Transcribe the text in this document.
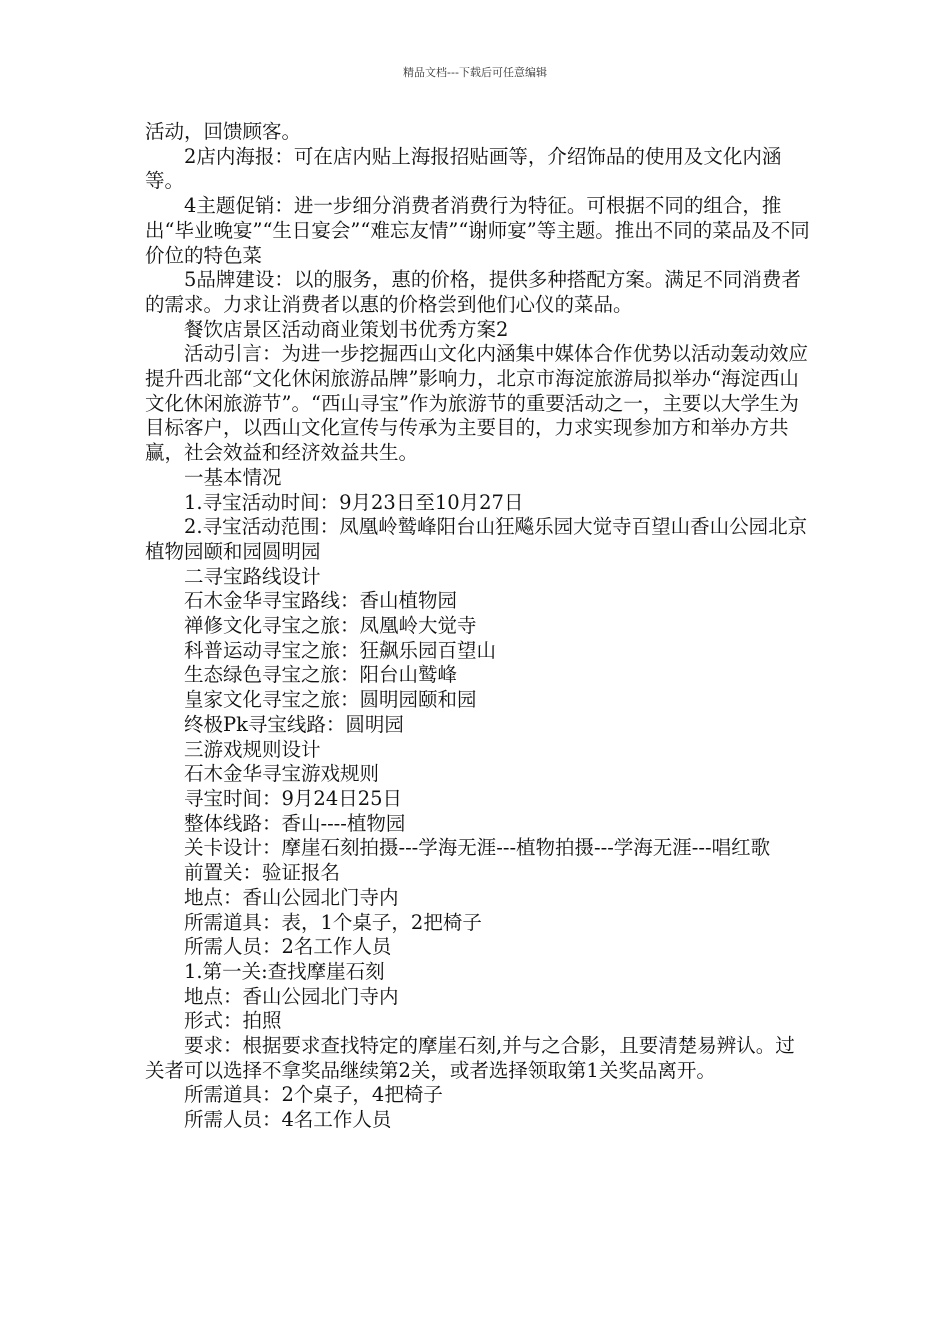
精品文档---下载后可任意编辑

活动，回馈顾客。

2店内海报：可在店内贴上海报招贴画等，介绍饰品的使用及文化内涵等。

4主题促销：进一步细分消费者消费行为特征。可根据不同的组合，推出“毕业晚宴”“生日宴会”“难忘友情”“谢师宴”等主题。推出不同的菜品及不同价位的特色菜

5品牌建设：以的服务，惠的价格，提供多种搭配方案。满足不同消费者的需求。力求让消费者以惠的价格尝到他们心仪的菜品。

餐饮店景区活动商业策划书优秀方案2

活动引言：为进一步挖掘西山文化内涵集中媒体合作优势以活动轰动效应提升西北部“文化休闲旅游品牌”影响力，北京市海淀旅游局拟举办“海淀西山文化休闲旅游节”。“西山寻宝”作为旅游节的重要活动之一，主要以大学生为目标客户，以西山文化宣传与传承为主要目的，力求实现参加方和举办方共赢，社会效益和经济效益共生。

一基本情况

1.寻宝活动时间：9月23日至10月27日

2.寻宝活动范围：凤凰岭鹫峰阳台山狂飚乐园大觉寺百望山香山公园北京植物园颐和园圆明园

二寻宝路线设计

石木金华寻宝路线：香山植物园

禅修文化寻宝之旅：凤凰岭大觉寺

科普运动寻宝之旅：狂飙乐园百望山

生态绿色寻宝之旅：阳台山鹫峰

皇家文化寻宝之旅：圆明园颐和园

终极Pk寻宝线路：圆明园

三游戏规则设计

石木金华寻宝游戏规则

寻宝时间：9月24日25日

整体线路：香山----植物园

关卡设计：摩崖石刻拍摄---学海无涯---植物拍摄---学海无涯---唱红歌

前置关：验证报名

地点：香山公园北门寺内

所需道具：表，1个桌子，2把椅子

所需人员：2名工作人员

1.第一关:查找摩崖石刻

地点：香山公园北门寺内

形式：拍照

要求：根据要求查找特定的摩崖石刻,并与之合影，且要清楚易辨认。过关者可以选择不拿奖品继续第2关，或者选择领取第1关奖品离开。

所需道具：2个桌子，4把椅子

所需人员：4名工作人员
